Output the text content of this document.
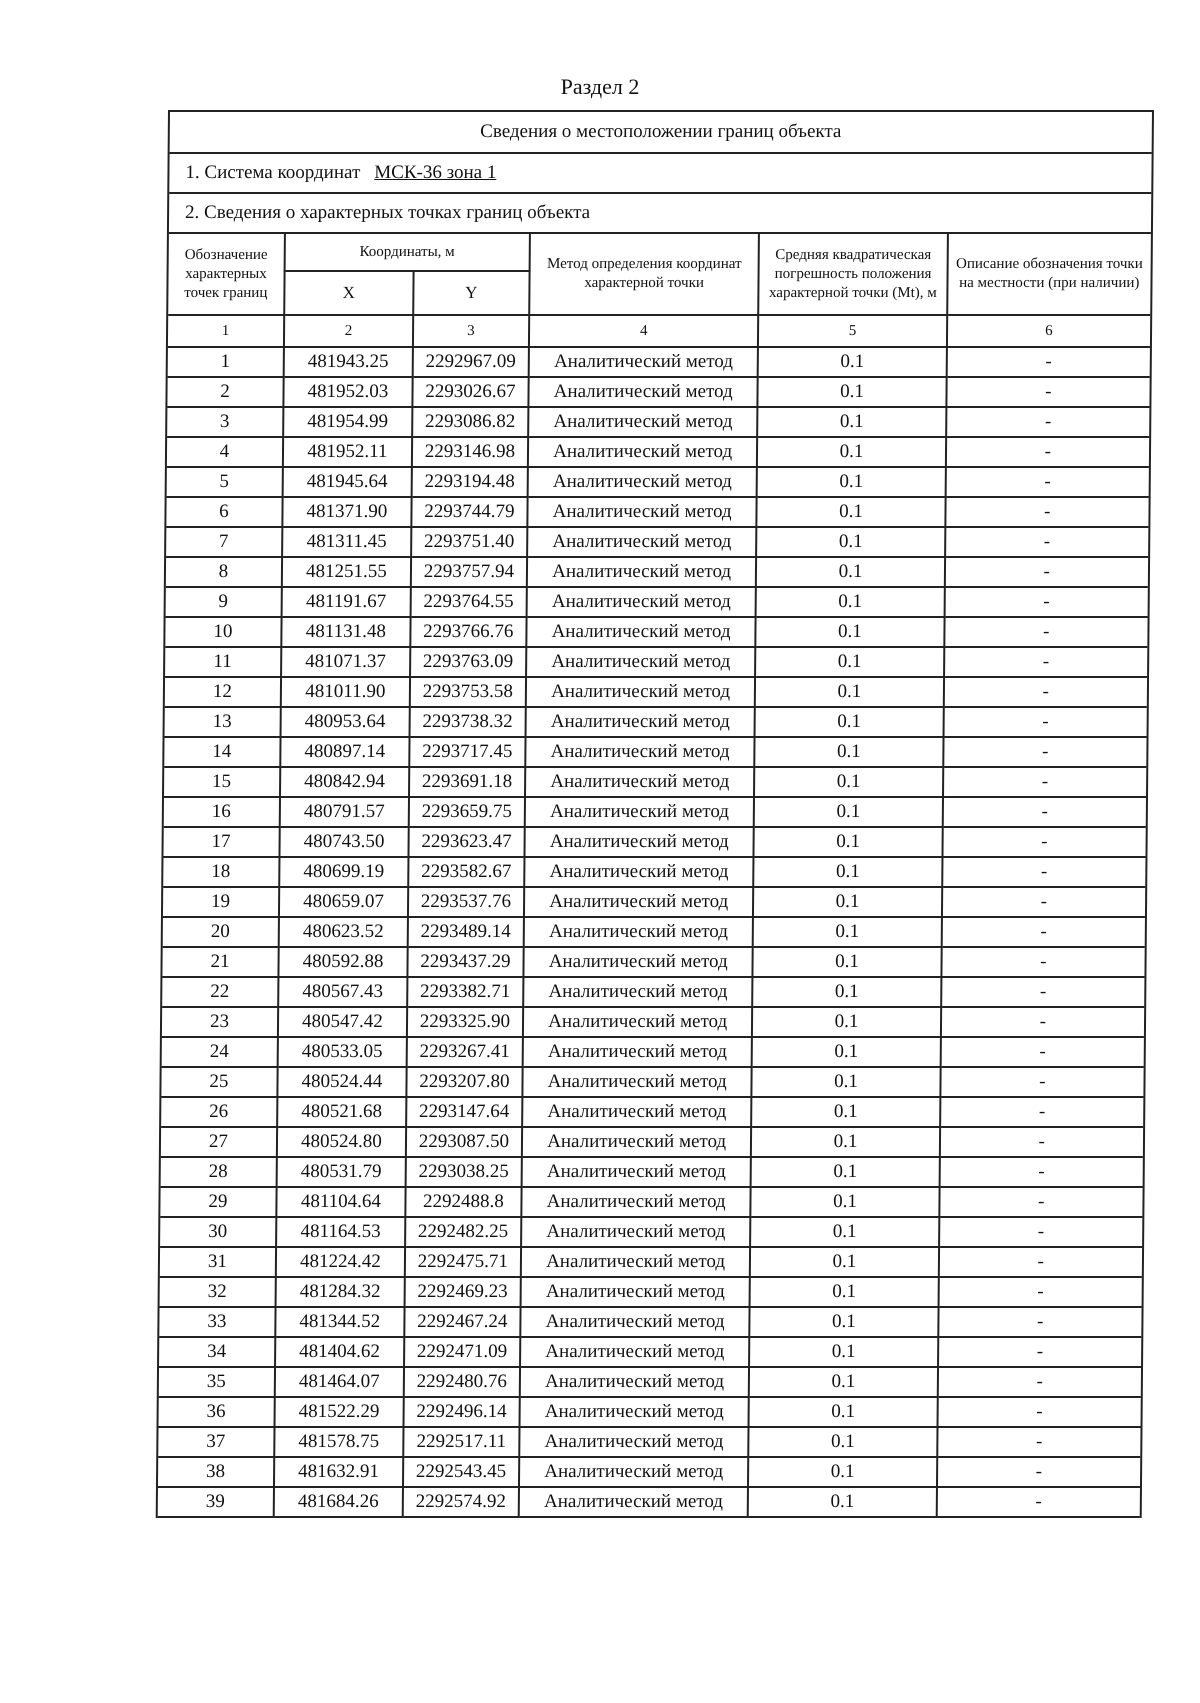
Раздел 2
Сведения о местоположении границ объекта
1. Система координат МСК-36 зона 1
2. Сведения о характерных точках границ объекта
Обозначение характерных точек границ	Координаты, м		Метод определения координат характерной точки	Средняя квадратическая погрешность положения характерной точки (Mt), м	Описание обозначения точки на местности (при наличии)
	X	Y			
1	2	3	4	5	6
1	481943.25	2292967.09	Аналитический метод	0.1	-
2	481952.03	2293026.67	Аналитический метод	0.1	-
3	481954.99	2293086.82	Аналитический метод	0.1	-
4	481952.11	2293146.98	Аналитический метод	0.1	-
5	481945.64	2293194.48	Аналитический метод	0.1	-
6	481371.90	2293744.79	Аналитический метод	0.1	-
7	481311.45	2293751.40	Аналитический метод	0.1	-
8	481251.55	2293757.94	Аналитический метод	0.1	-
9	481191.67	2293764.55	Аналитический метод	0.1	-
10	481131.48	2293766.76	Аналитический метод	0.1	-
11	481071.37	2293763.09	Аналитический метод	0.1	-
12	481011.90	2293753.58	Аналитический метод	0.1	-
13	480953.64	2293738.32	Аналитический метод	0.1	-
14	480897.14	2293717.45	Аналитический метод	0.1	-
15	480842.94	2293691.18	Аналитический метод	0.1	-
16	480791.57	2293659.75	Аналитический метод	0.1	-
17	480743.50	2293623.47	Аналитический метод	0.1	-
18	480699.19	2293582.67	Аналитический метод	0.1	-
19	480659.07	2293537.76	Аналитический метод	0.1	-
20	480623.52	2293489.14	Аналитический метод	0.1	-
21	480592.88	2293437.29	Аналитический метод	0.1	-
22	480567.43	2293382.71	Аналитический метод	0.1	-
23	480547.42	2293325.90	Аналитический метод	0.1	-
24	480533.05	2293267.41	Аналитический метод	0.1	-
25	480524.44	2293207.80	Аналитический метод	0.1	-
26	480521.68	2293147.64	Аналитический метод	0.1	-
27	480524.80	2293087.50	Аналитический метод	0.1	-
28	480531.79	2293038.25	Аналитический метод	0.1	-
29	481104.64	2292488.8	Аналитический метод	0.1	-
30	481164.53	2292482.25	Аналитический метод	0.1	-
31	481224.42	2292475.71	Аналитический метод	0.1	-
32	481284.32	2292469.23	Аналитический метод	0.1	-
33	481344.52	2292467.24	Аналитический метод	0.1	-
34	481404.62	2292471.09	Аналитический метод	0.1	-
35	481464.07	2292480.76	Аналитический метод	0.1	-
36	481522.29	2292496.14	Аналитический метод	0.1	-
37	481578.75	2292517.11	Аналитический метод	0.1	-
38	481632.91	2292543.45	Аналитический метод	0.1	-
39	481684.26	2292574.92	Аналитический метод	0.1	-
